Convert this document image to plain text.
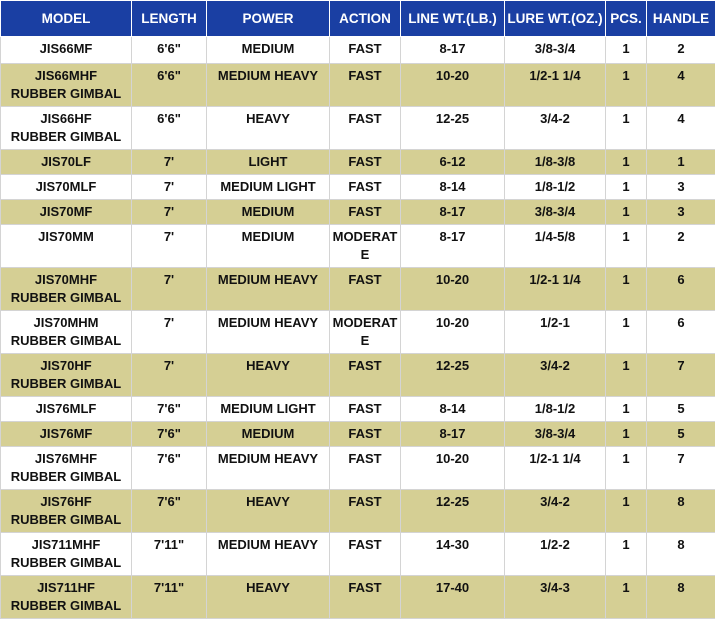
MODEL	LENGTH	POWER	ACTION	LINE WT.(LB.)	LURE WT.(OZ.)	PCS.	HANDLE

JIS66MF	6'6"	MEDIUM	FAST	8-17	3/8-3/4	1	2

JIS66MHF
RUBBER GIMBAL	6'6"	MEDIUM HEAVY	FAST	10-20	1/2-1 1/4	1	4

JIS66HF
RUBBER GIMBAL	6'6"	HEAVY	FAST	12-25	3/4-2	1	4

JIS70LF	7'	LIGHT	FAST	6-12	1/8-3/8	1	1

JIS70MLF	7'	MEDIUM LIGHT	FAST	8-14	1/8-1/2	1	3

JIS70MF	7'	MEDIUM	FAST	8-17	3/8-3/4	1	3

JIS70MM	7'	MEDIUM	MODERATE	8-17	1/4-5/8	1	2

JIS70MHF
RUBBER GIMBAL	7'	MEDIUM HEAVY	FAST	10-20	1/2-1 1/4	1	6

JIS70MHM
RUBBER GIMBAL	7'	MEDIUM HEAVY	MODERATE	10-20	1/2-1	1	6

JIS70HF
RUBBER GIMBAL	7'	HEAVY	FAST	12-25	3/4-2	1	7

JIS76MLF	7'6"	MEDIUM LIGHT	FAST	8-14	1/8-1/2	1	5

JIS76MF	7'6"	MEDIUM	FAST	8-17	3/8-3/4	1	5

JIS76MHF
RUBBER GIMBAL	7'6"	MEDIUM HEAVY	FAST	10-20	1/2-1 1/4	1	7

JIS76HF
RUBBER GIMBAL	7'6"	HEAVY	FAST	12-25	3/4-2	1	8

JIS711MHF
RUBBER GIMBAL	7'11"	MEDIUM HEAVY	FAST	14-30	1/2-2	1	8

JIS711HF
RUBBER GIMBAL	7'11"	HEAVY	FAST	17-40	3/4-3	1	8
